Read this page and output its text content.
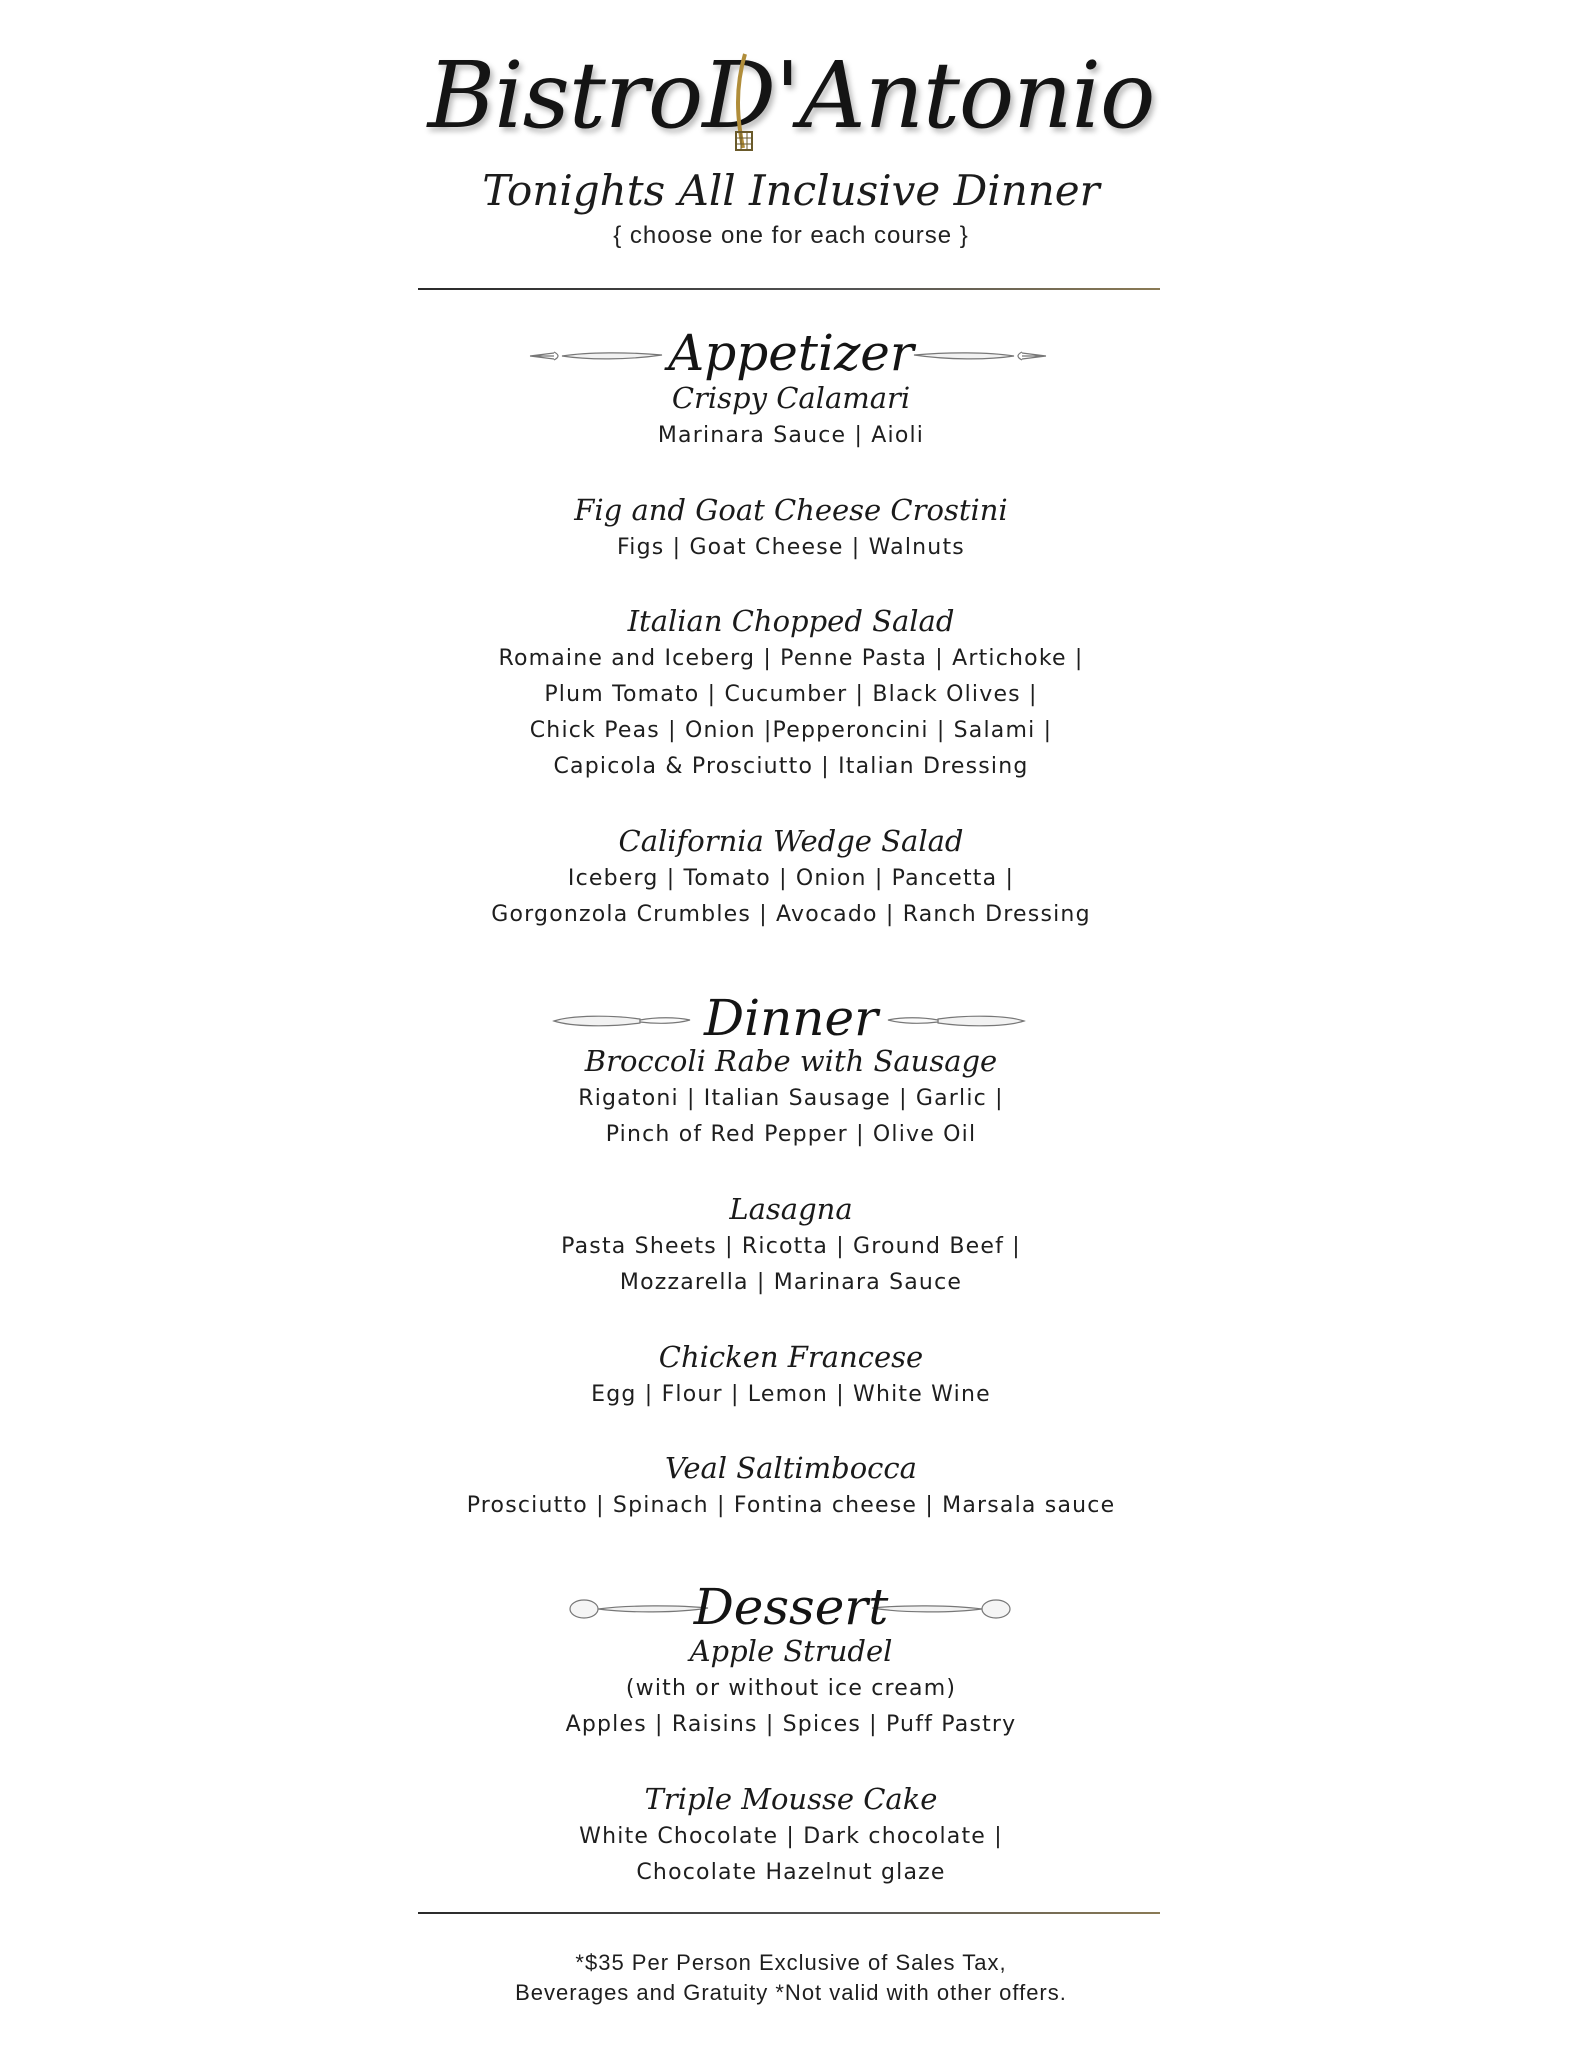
BistroD'Antonio
Tonights All Inclusive Dinner
{ choose one for each course }
Appetizer
Crispy Calamari
Marinara Sauce | Aioli
Fig and Goat Cheese Crostini
Figs | Goat Cheese | Walnuts
Italian Chopped Salad
Romaine and Iceberg | Penne Pasta | Artichoke |
Plum Tomato | Cucumber | Black Olives |
Chick Peas | Onion |Pepperoncini | Salami |
Capicola & Prosciutto | Italian Dressing
California Wedge Salad
Iceberg | Tomato | Onion | Pancetta |
Gorgonzola Crumbles | Avocado | Ranch Dressing
Dinner
Broccoli Rabe with Sausage
Rigatoni | Italian Sausage | Garlic |
Pinch of Red Pepper | Olive Oil
Lasagna
Pasta Sheets | Ricotta | Ground Beef |
Mozzarella | Marinara Sauce
Chicken Francese
Egg | Flour | Lemon | White Wine
Veal Saltimbocca
Prosciutto | Spinach | Fontina cheese | Marsala sauce
Dessert
Apple Strudel
(with or without ice cream)
Apples | Raisins | Spices | Puff Pastry
Triple Mousse Cake
White Chocolate | Dark chocolate |
Chocolate Hazelnut glaze
*$35 Per Person Exclusive of Sales Tax,
Beverages and Gratuity *Not valid with other offers.
